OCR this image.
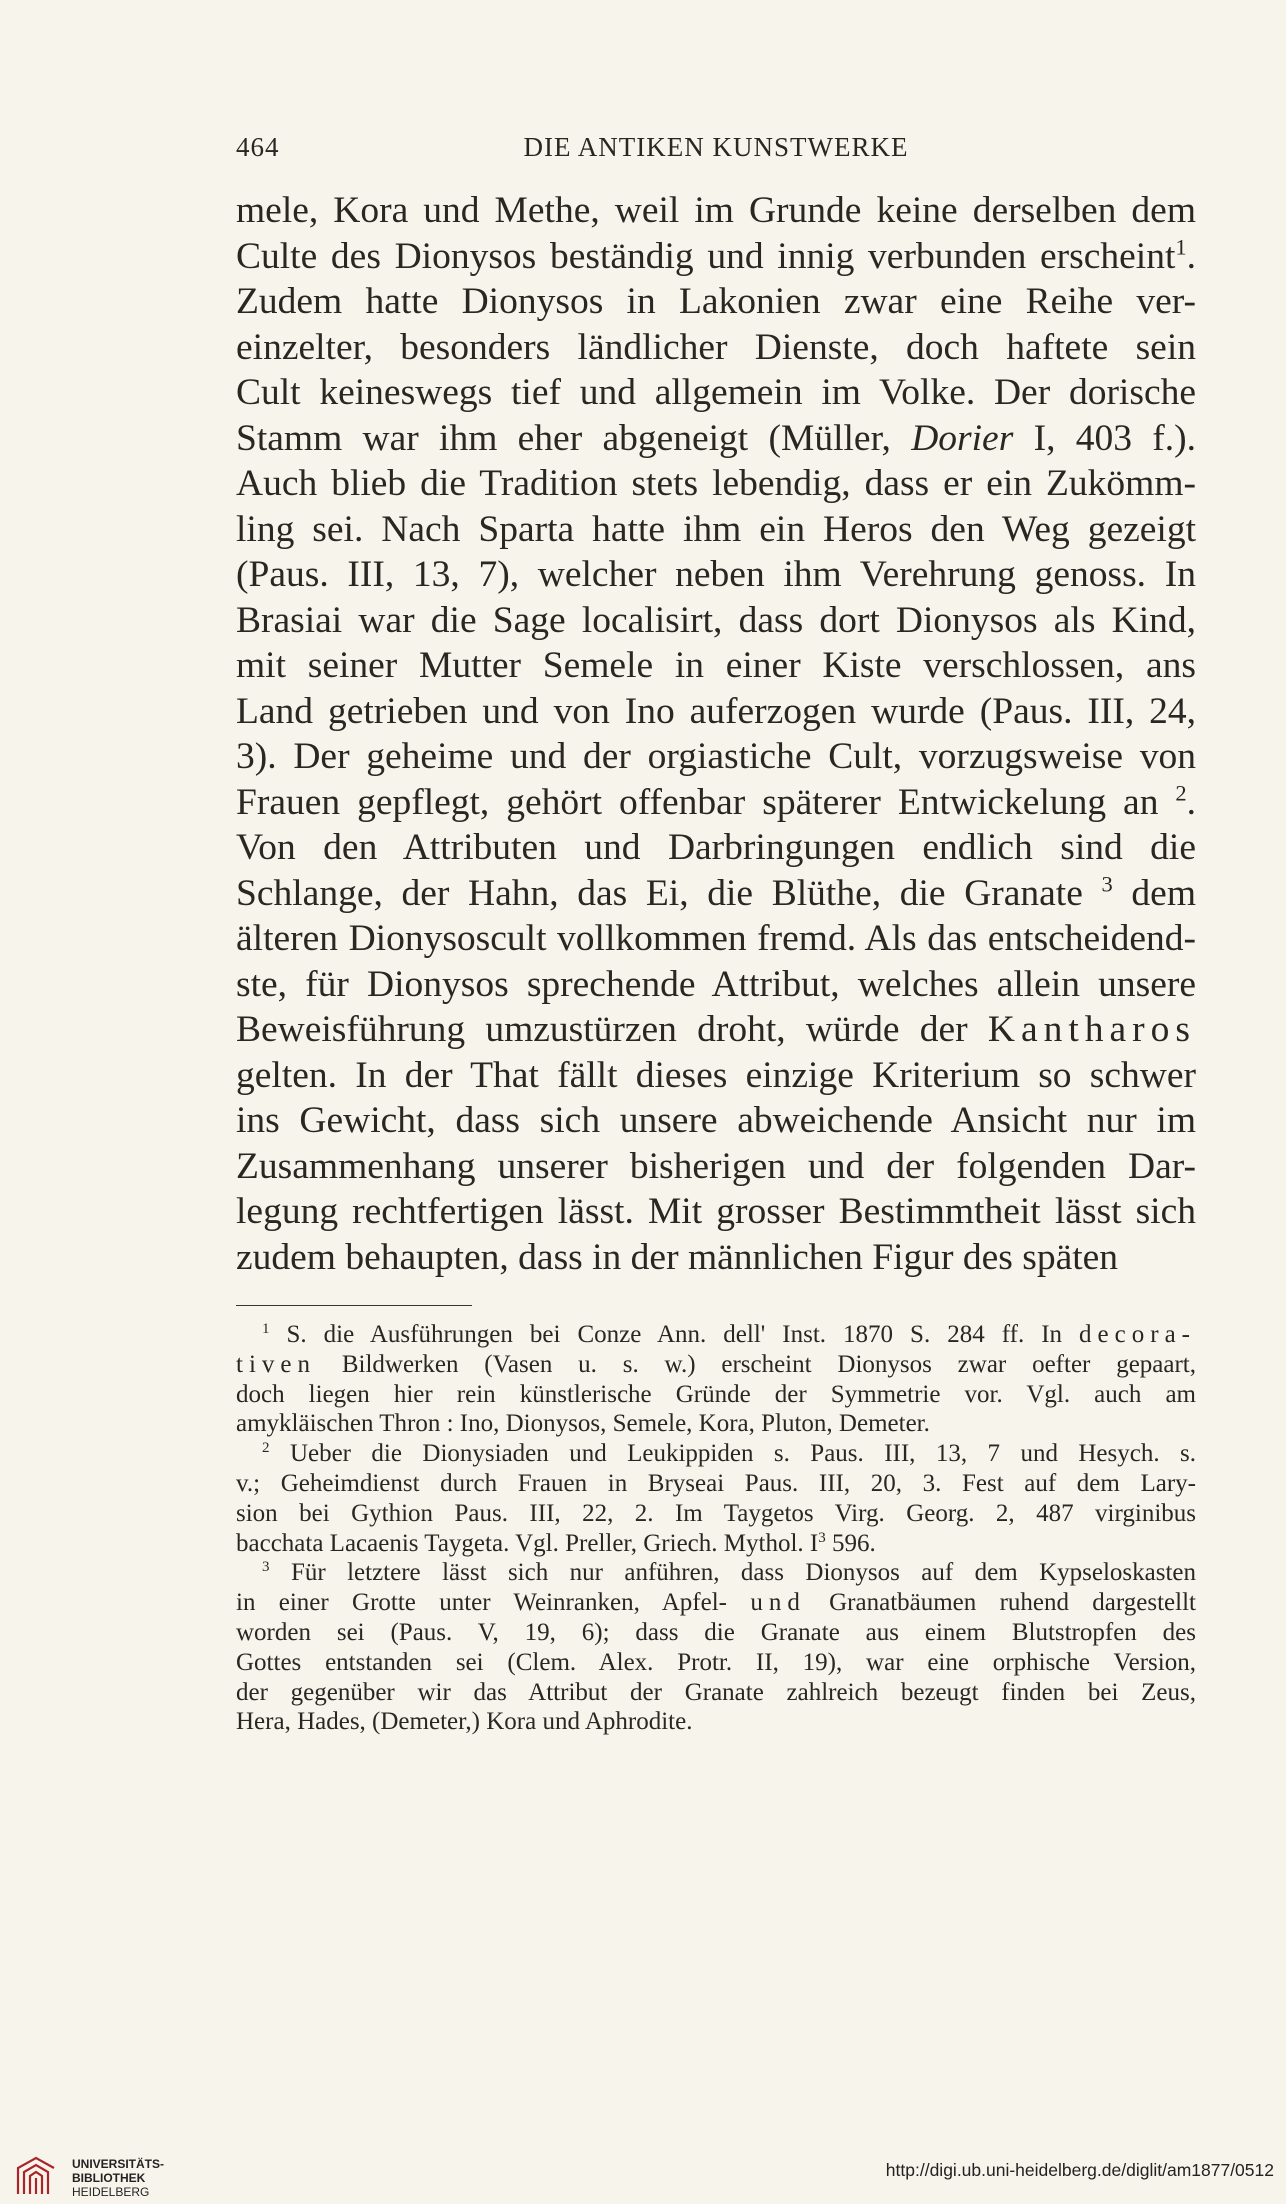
464	DIE ANTIKEN KUNSTWERKE
mele, Kora und Methe, weil im Grunde keine derselben dem
Culte des Dionysos beständig und innig verbunden erscheint$^1$.
Zudem hatte Dionysos in Lakonien zwar eine Reihe ver-
einzelter, besonders ländlicher Dienste, doch haftete sein
Cult keineswegs tief und allgemein im Volke. Der dorische
Stamm war ihm eher abgeneigt (Müller, Dorier I, 403 f.).
Auch blieb die Tradition stets lebendig, dass er ein Zukömm-
ling sei. Nach Sparta hatte ihm ein Heros den Weg gezeigt
(Paus. III, 13, 7), welcher neben ihm Verehrung genoss. In
Brasiai war die Sage localisirt, dass dort Dionysos als Kind,
mit seiner Mutter Semele in einer Kiste verschlossen, ans
Land getrieben und von Ino auferzogen wurde (Paus. III, 24,
3). Der geheime und der orgiastiche Cult, vorzugsweise von
Frauen gepflegt, gehört offenbar späterer Entwickelung an $^2$.
Von den Attributen und Darbringungen endlich sind die
Schlange, der Hahn, das Ei, die Blüthe, die Granate $^3$ dem
älteren Dionysoscult vollkommen fremd. Als das entscheidend-
ste, für Dionysos sprechende Attribut, welches allein unsere
Beweisführung umzustürzen droht, würde der Kantharos
gelten. In der That fällt dieses einzige Kriterium so schwer
ins Gewicht, dass sich unsere abweichende Ansicht nur im
Zusammenhang unserer bisherigen und der folgenden Dar-
legung rechtfertigen lässt. Mit grosser Bestimmtheit lässt sich
zudem behaupten, dass in der männlichen Figur des späten
$^1$ S. die Ausführungen bei Conze Ann. dell' Inst. 1870 S. 284 ff. In decora-
tiven Bildwerken (Vasen u. s. w.) erscheint Dionysos zwar oefter gepaart,
doch liegen hier rein künstlerische Gründe der Symmetrie vor. Vgl. auch am
amykläischen Thron : Ino, Dionysos, Semele, Kora, Pluton, Demeter.
$^2$ Ueber die Dionysiaden und Leukippiden s. Paus. III, 13, 7 und Hesych. s.
v.; Geheimdienst durch Frauen in Bryseai Paus. III, 20, 3. Fest auf dem Lary-
sion bei Gythion Paus. III, 22, 2. Im Taygetos Virg. Georg. 2, 487 virginibus
bacchata Lacaenis Taygeta. Vgl. Preller, Griech. Mythol. $I^3$ 596.
$^3$ Für letztere lässt sich nur anführen, dass Dionysos auf dem Kypseloskasten
in einer Grotte unter Weinranken, Apfel- und Granatbäumen ruhend dargestellt
worden sei (Paus. V, 19, 6); dass die Granate aus einem Blutstropfen des
Gottes entstanden sei (Clem. Alex. Protr. II, 19), war eine orphische Version,
der gegenüber wir das Attribut der Granate zahlreich bezeugt finden bei Zeus,
Hera, Hades, (Demeter,) Kora und Aphrodite.
UNIVERSITÄTS-
BIBLIOTHEK
HEIDELBERG
http://digi.ub.uni-heidelberg.de/diglit/am1877/0512
